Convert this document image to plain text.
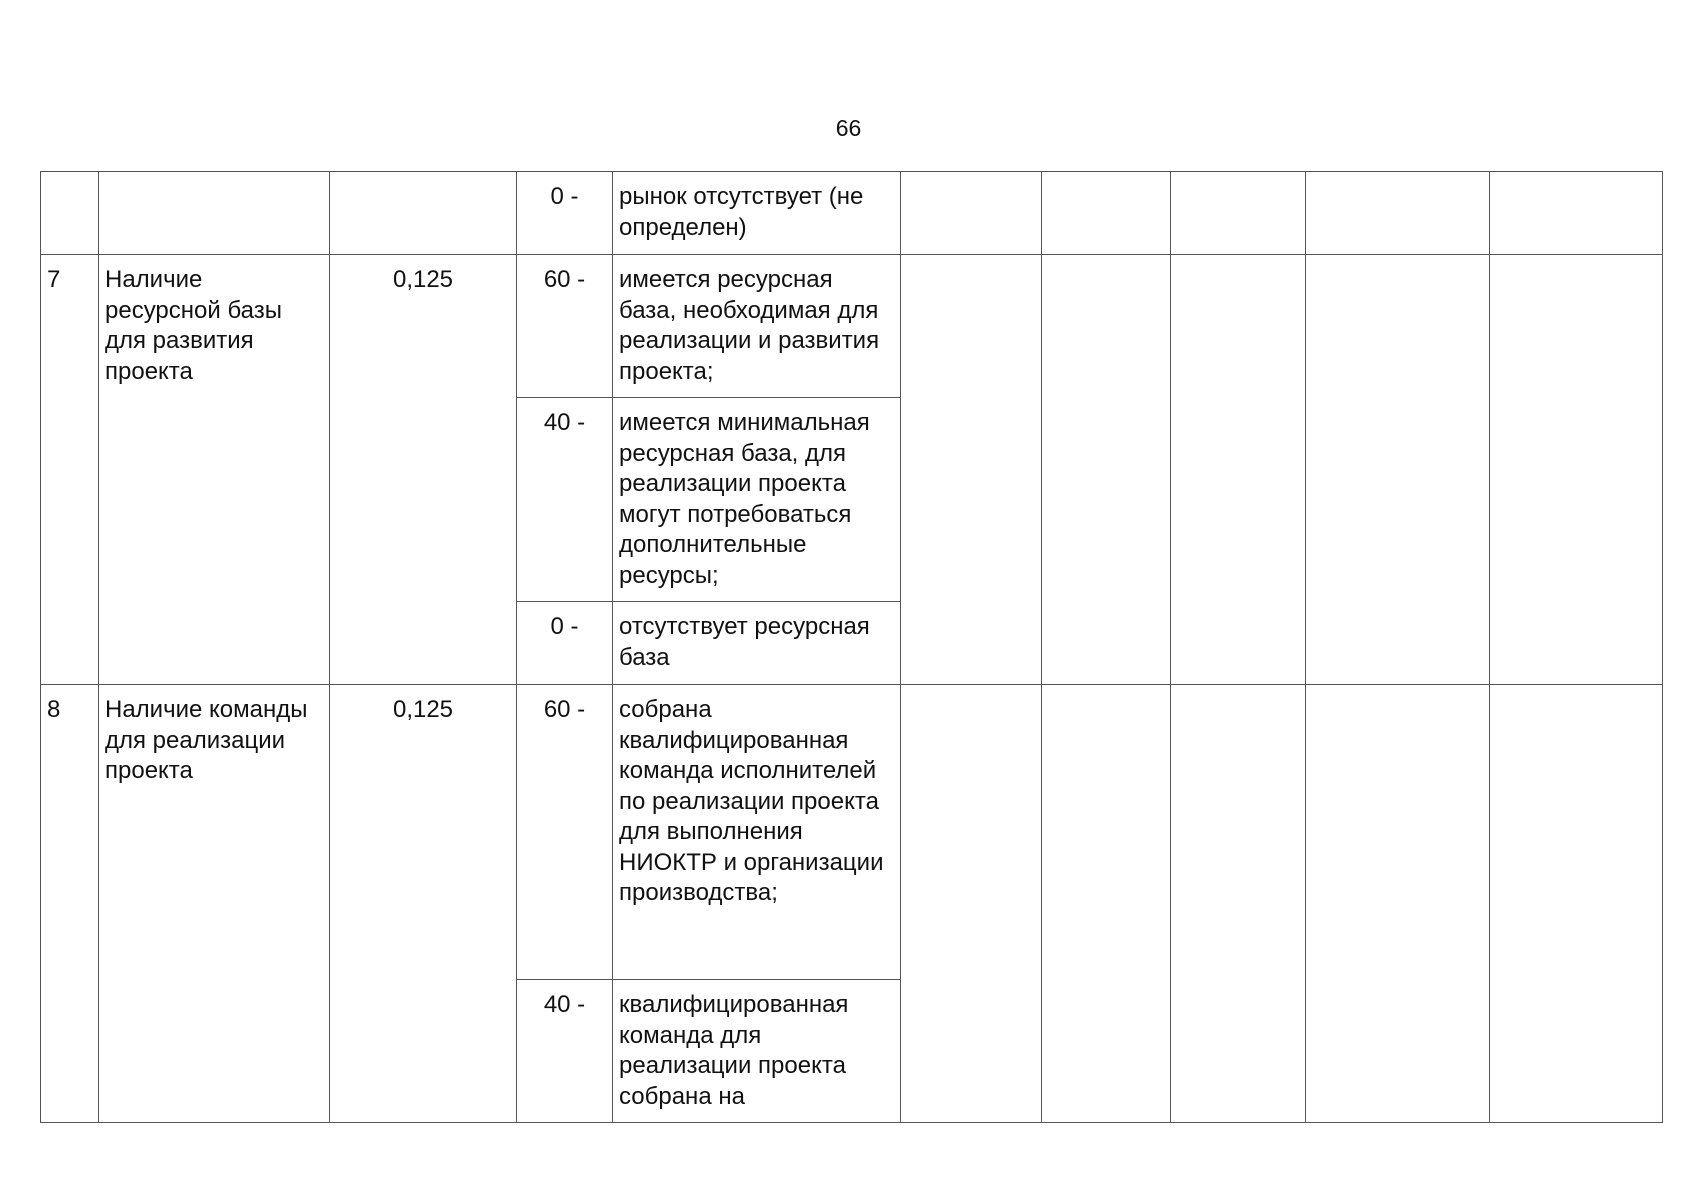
66
			0 -	рынок отсутствует (не определен)					
7	Наличие ресурсной базы для развития проекта	0,125	60 -	имеется ресурсная база, необходимая для реализации и развития проекта;					
			40 -	имеется минимальная ресурсная база, для реализации проекта могут потребоваться дополнительные ресурсы;					
			0 -	отсутствует ресурсная база					
8	Наличие команды для реализации проекта	0,125	60 -	собрана квалифицированная команда исполнителей по реализации проекта для выполнения НИОКТР и организации производства;					
			40 -	квалифицированная команда для реализации проекта собрана на					
